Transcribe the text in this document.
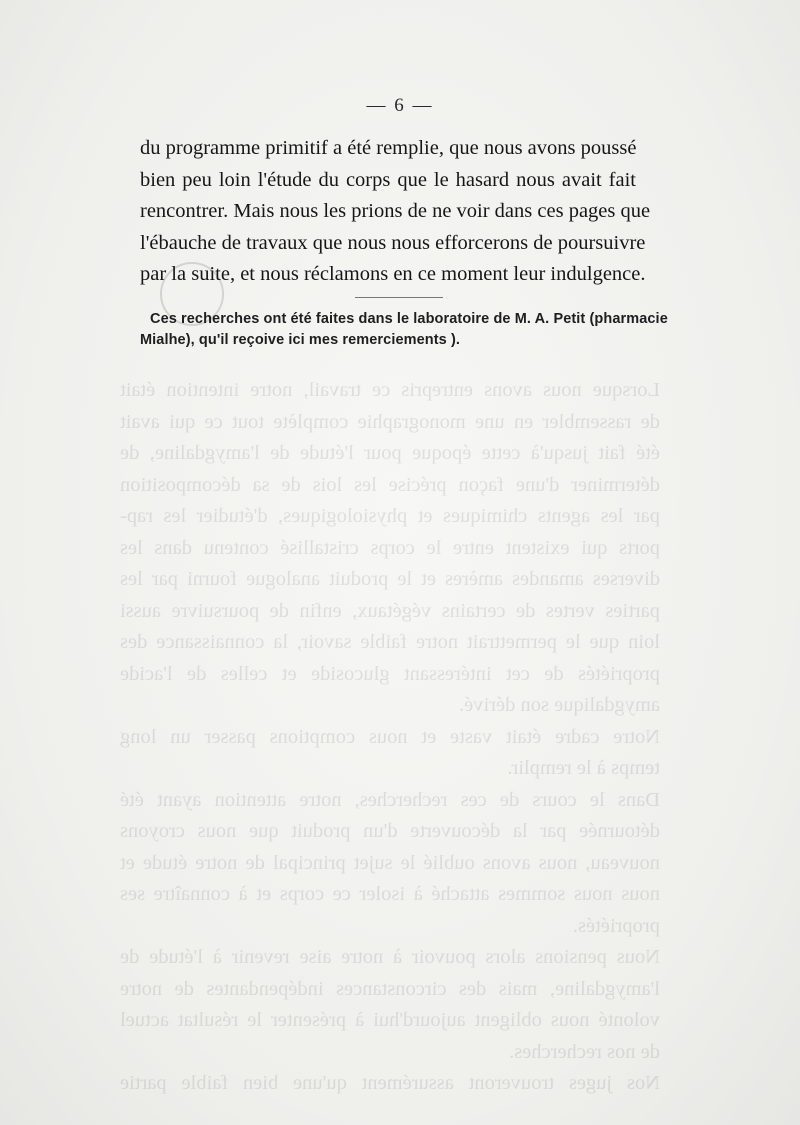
Lorsque nous avons entrepris ce travail, notre intention était
de rassembler en une monographie complète tout ce qui avait
été fait jusqu'à cette époque pour l'étude de l'amygdaline, de
déterminer d'une façon précise les lois de sa décomposition
par les agents chimiques et physiologiques, d'étudier les rap-
ports qui existent entre le corps cristallisé contenu dans les
diverses amandes amères et le produit analogue fourni par les
parties vertes de certains végétaux, enfin de poursuivre aussi
loin que le permettrait notre faible savoir, la connaissance des
propriétés de cet intéressant glucoside et celles de l'acide
amygdalique son dérivé.
Notre cadre était vaste et nous comptions passer un long
temps à le remplir.
Dans le cours de ces recherches, notre attention ayant été
détournée par la découverte d'un produit que nous croyons
nouveau, nous avons oublié le sujet principal de notre étude et
nous nous sommes attaché à isoler ce corps et à connaître ses
propriétés.
Nous pensions alors pouvoir à notre aise revenir à l'étude de
l'amygdaline, mais des circonstances indépendantes de notre
volonté nous obligent aujourd'hui à présenter le résultat actuel
de nos recherches.
Nos juges trouveront assurément qu'une bien faible partie
— 6 —
du programme primitif a été remplie, que nous avons poussé
bien peu loin l'étude du corps que le hasard nous avait fait
rencontrer. Mais nous les prions de ne voir dans ces pages que
l'ébauche de travaux que nous nous efforcerons de poursuivre
par la suite, et nous réclamons en ce moment leur indulgence.
Ces recherches ont été faites dans le laboratoire de M. A. Petit (pharmacie
Mialhe), qu'il reçoive ici mes remerciements ).
